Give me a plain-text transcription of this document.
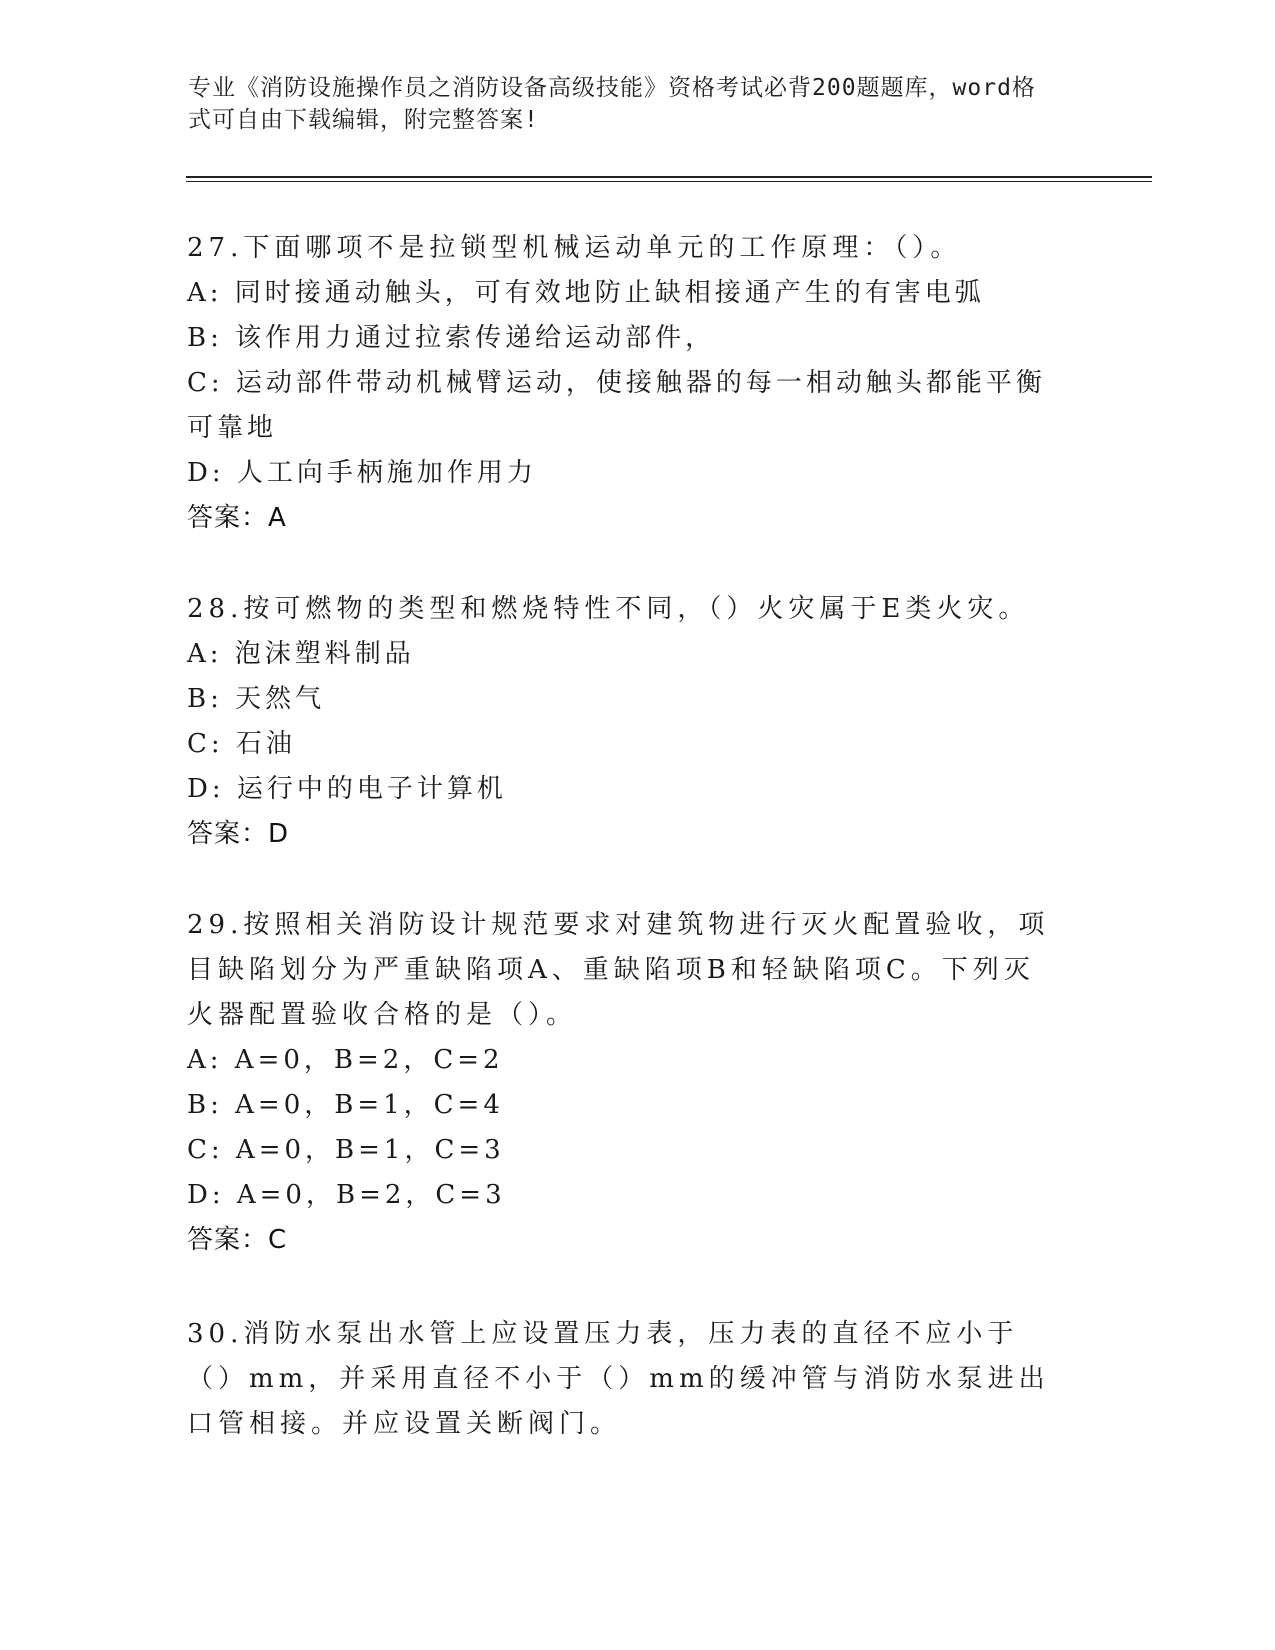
专业《消防设施操作员之消防设备高级技能》资格考试必背200题题库，word格
式可自由下载编辑，附完整答案!

27.下面哪项不是拉锁型机械运动单元的工作原理：（）。

A: 同时接通动触头，可有效地防止缺相接通产生的有害电弧

B: 该作用力通过拉索传递给运动部件，

C: 运动部件带动机械臂运动，使接触器的每一相动触头都能平衡可靠地

D: 人工向手柄施加作用力

答案：A

28.按可燃物的类型和燃烧特性不同，（）火灾属于E类火灾。

A: 泡沫塑料制品

B: 天然气

C: 石油

D: 运行中的电子计算机

答案：D

29.按照相关消防设计规范要求对建筑物进行灭火配置验收，项目缺陷划分为严重缺陷项A、重缺陷项B和轻缺陷项C。下列灭火器配置验收合格的是（）。

A: A=0，B=2，C=2

B: A=0，B=1，C=4

C: A=0，B=1，C=3

D: A=0，B=2，C=3

答案：C

30.消防水泵出水管上应设置压力表，压力表的直径不应小于（）mm，并采用直径不小于（）mm的缓冲管与消防水泵进出口管相接。并应设置关断阀门。
